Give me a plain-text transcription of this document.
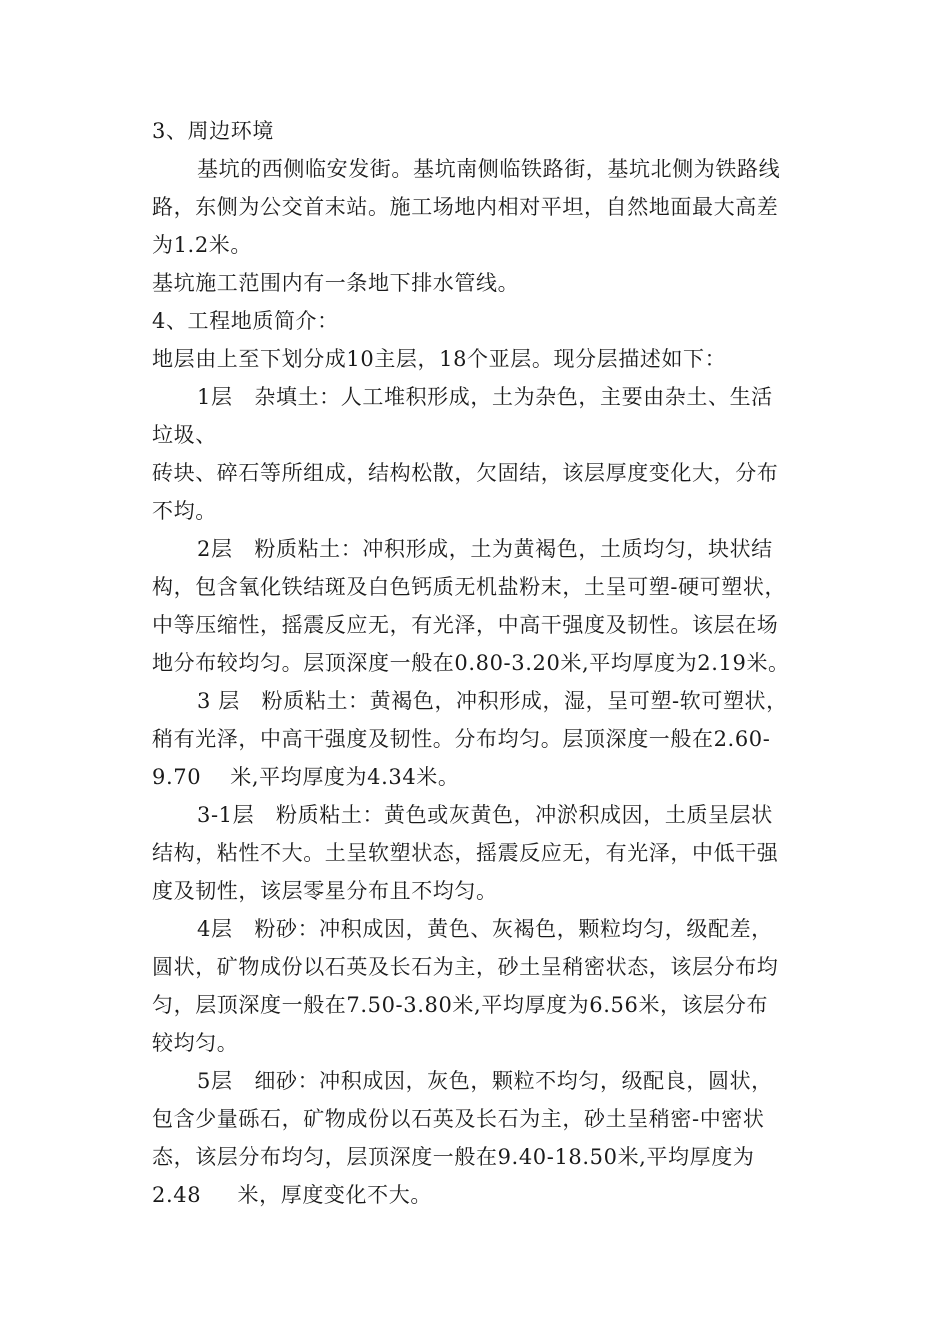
3、周边环境
基坑的西侧临安发街。基坑南侧临铁路街，基坑北侧为铁路线
路，东侧为公交首末站。施工场地内相对平坦，自然地面最大高差
为1.2米。
基坑施工范围内有一条地下排水管线。
4、工程地质简介：
地层由上至下划分成10主层，18个亚层。现分层描述如下：
1层   杂填土：人工堆积形成，土为杂色，主要由杂土、生活
垃圾、
砖块、碎石等所组成，结构松散，欠固结，该层厚度变化大，分布
不均。
2层   粉质粘土：冲积形成，土为黄褐色，土质均匀，块状结
构，包含氧化铁结斑及白色钙质无机盐粉末，土呈可塑-硬可塑状，
中等压缩性，摇震反应无，有光泽，中高干强度及韧性。该层在场
地分布较均匀。层顶深度一般在0.80-3.20米,平均厚度为2.19米。
3 层   粉质粘土：黄褐色，冲积形成，湿，呈可塑-软可塑状，
稍有光泽，中高干强度及韧性。分布均匀。层顶深度一般在2.60-
9.70    米,平均厚度为4.34米。
3-1层   粉质粘土：黄色或灰黄色，冲淤积成因，土质呈层状
结构，粘性不大。土呈软塑状态，摇震反应无，有光泽，中低干强
度及韧性，该层零星分布且不均匀。
4层   粉砂：冲积成因，黄色、灰褐色，颗粒均匀，级配差，
圆状，矿物成份以石英及长石为主，砂土呈稍密状态，该层分布均
匀，层顶深度一般在7.50-3.80米,平均厚度为6.56米，该层分布
较均匀。
5层   细砂：冲积成因，灰色，颗粒不均匀，级配良，圆状，
包含少量砾石，矿物成份以石英及长石为主，砂土呈稍密-中密状
态，该层分布均匀，层顶深度一般在9.40-18.50米,平均厚度为
2.48     米，厚度变化不大。
